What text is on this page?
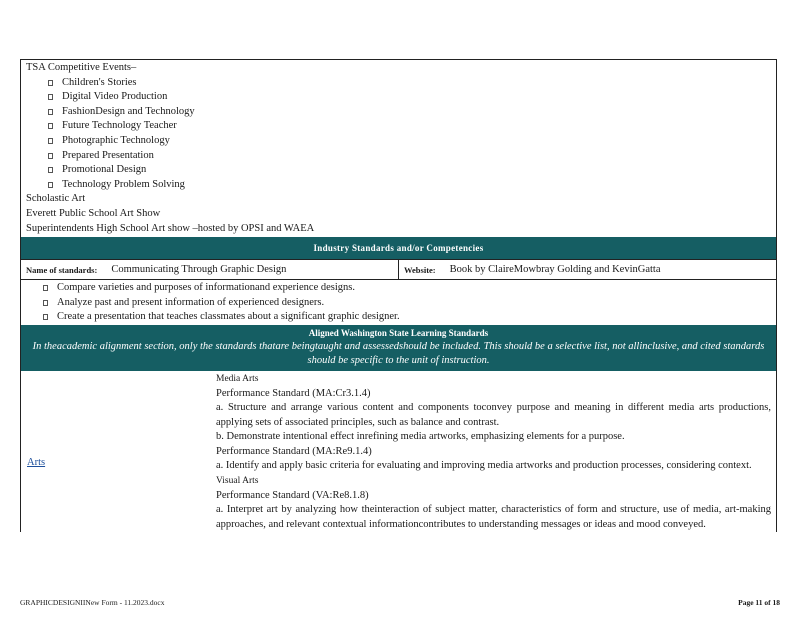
TSA Competitive Events–
Children's Stories
Digital Video Production
FashionDesign and Technology
Future Technology Teacher
Photographic Technology
Prepared Presentation
Promotional Design
Technology Problem Solving
Scholastic Art
Everett Public School Art Show
Superintendents High School Art show –hosted by OPSI and WAEA
Industry Standards and/or Competencies
Name of standards: Communicating Through Graphic Design	Website: Book by ClaireMowbray Golding and KevinGatta
Compare varieties and purposes of informationand experience designs.
Analyze past and present information of experienced designers.
Create a presentation that teaches classmates about a significant graphic designer.
Aligned Washington State Learning Standards
In theacademic alignment section, only the standards thatare beingtaught and assessedshould be included. This should be a selective list, not allinclusive, and cited standards should be specific to the unit of instruction.
Arts
Media Arts
Performance Standard (MA:Cr3.1.4)
a. Structure and arrange various content and components toconvey purpose and meaning in different media arts productions, applying sets of associated principles, such as balance and contrast.
b. Demonstrate intentional effect inrefining media artworks, emphasizing elements for a purpose.
Performance Standard (MA:Re9.1.4)
a. Identify and apply basic criteria for evaluating and improving media artworks and production processes, considering context.
Visual Arts
Performance Standard (VA:Re8.1.8)
a. Interpret art by analyzing how theinteraction of subject matter, characteristics of form and structure, use of media, art-making approaches, and relevant contextual informationcontributes to understanding messages or ideas and mood conveyed.
GRAPHICDESIGNIINew Form - 11.2023.docx	Page 11 of 18
